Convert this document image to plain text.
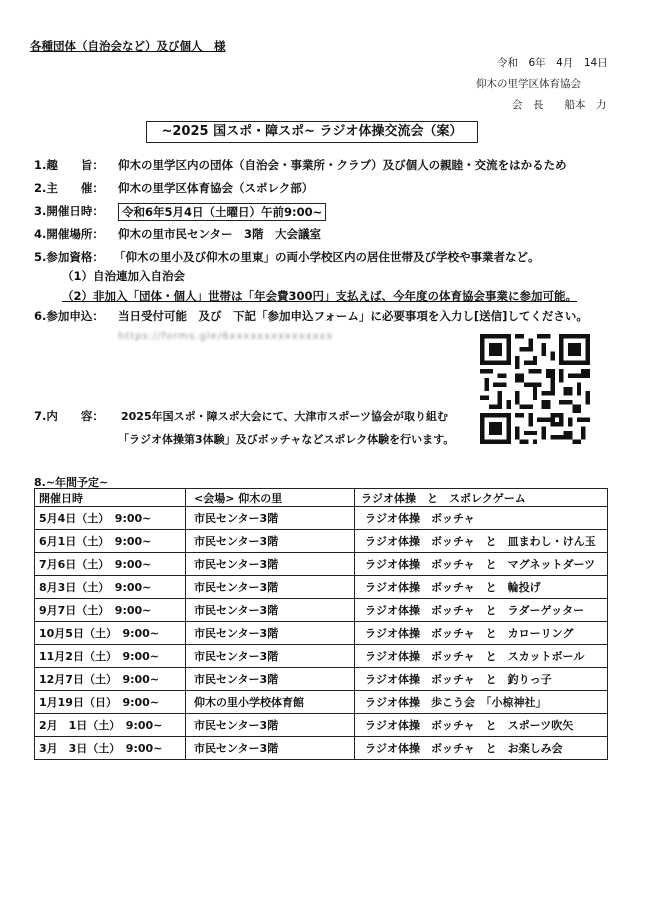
各種団体（自治会など）及び個人　様
令和　6年　4月　14日
仰木の里学区体育協会
会　長　　船本　力
~2025 国スポ・障スポ~ ラジオ体操交流会（案）
1.趣　　旨： 仰木の里学区内の団体（自治会・事業所・クラブ）及び個人の親睦・交流をはかるため
2.主　　催： 仰木の里学区体育協会（スポレク部）
3.開催日時：	令和6年5月4日（土曜日）午前9:00~
4.開催場所： 仰木の里市民センター　3階　大会議室
5.参加資格： 「仰木の里小及び仰木の里東」の両小学校区内の居住世帯及び学校や事業者など。
（1）自治連加入自治会
（2）非加入「団体・個人」世帯は「年会費300円」支払えば、今年度の体育協会事業に参加可能。
6.参加申込： 当日受付可能　及び　下記「参加申込フォーム」に必要事項を入力し[送信]してください。
https://forms.gle/6xxxxxxxxxxxxxxx
7.内　　容： 2025年国スポ・障スポ大会にて、大津市スポーツ協会が取り組む
「ラジオ体操第3体験」及びボッチャなどスポレク体験を行います。
8.~年間予定~
開催日時	<会場> 仰木の里	ラジオ体操　と　スポレクゲーム
5月4日（土）　9:00~	市民センター3階	ラジオ体操　ボッチャ
6月1日（土）　9:00~	市民センター3階	ラジオ体操　ボッチャ　と　皿まわし・けん玉
7月6日（土）　9:00~	市民センター3階	ラジオ体操　ボッチャ　と　マグネットダーツ
8月3日（土）　9:00~	市民センター3階	ラジオ体操　ボッチャ　と　輪投げ
9月7日（土）　9:00~	市民センター3階	ラジオ体操　ボッチャ　と　ラダーゲッター
10月5日（土）　9:00~	市民センター3階	ラジオ体操　ボッチャ　と　カローリング
11月2日（土）　9:00~	市民センター3階	ラジオ体操　ボッチャ　と　スカットボール
12月7日（土）　9:00~	市民センター3階	ラジオ体操　ボッチャ　と　釣りっ子
1月19日（日）　9:00~	仰木の里小学校体育館	ラジオ体操　歩こう会　「小椋神社」
2月　1日（土）　9:00~	市民センター3階	ラジオ体操　ボッチャ　と　スポーツ吹矢
3月　3日（土）　9:00~	市民センター3階	ラジオ体操　ボッチャ　と　お楽しみ会
